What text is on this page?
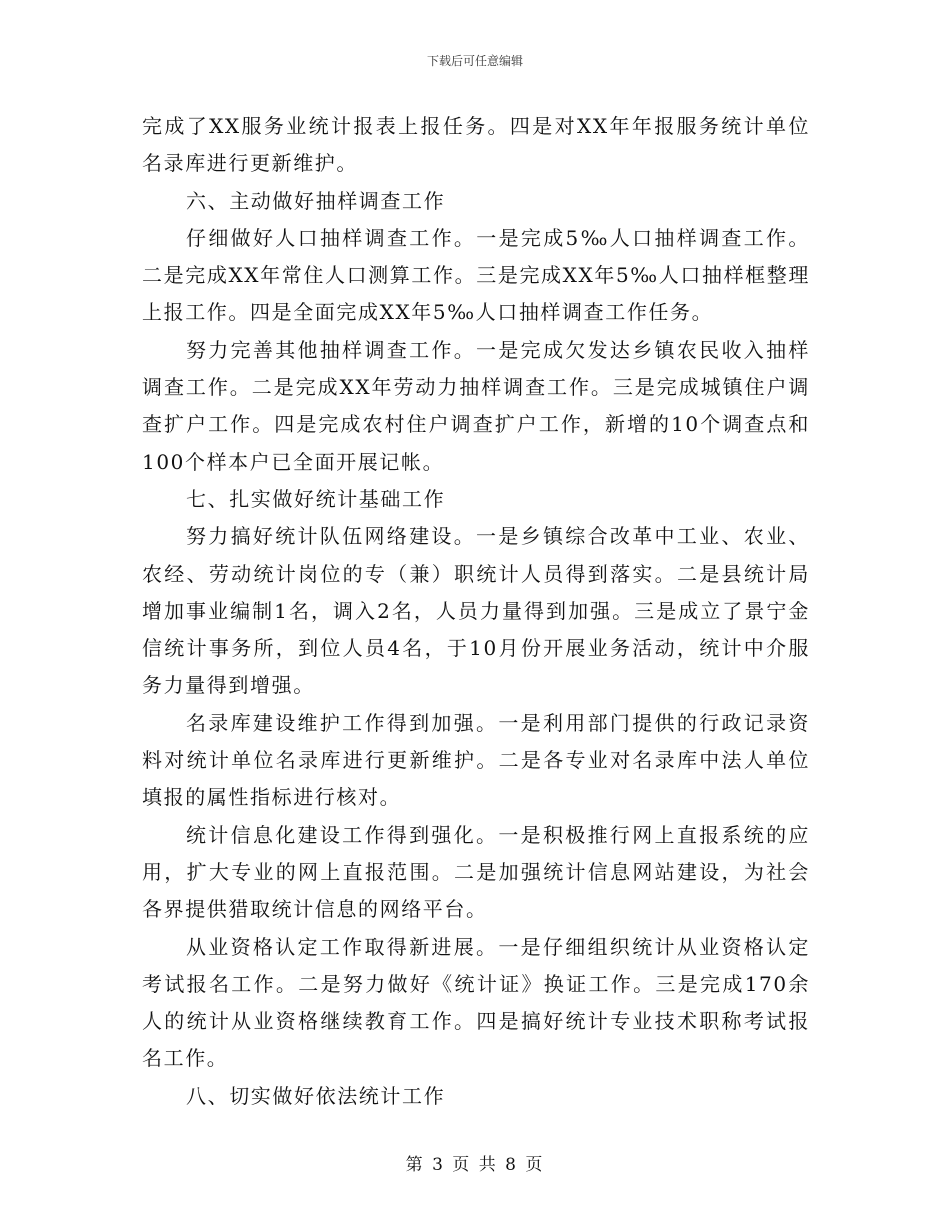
下载后可任意编辑

完成了XX服务业统计报表上报任务。四是对XX年年报服务统计单位名录库进行更新维护。

六、主动做好抽样调查工作

仔细做好人口抽样调查工作。一是完成5‰人口抽样调查工作。二是完成XX年常住人口测算工作。三是完成XX年5‰人口抽样框整理上报工作。四是全面完成XX年5‰人口抽样调查工作任务。

努力完善其他抽样调查工作。一是完成欠发达乡镇农民收入抽样调查工作。二是完成XX年劳动力抽样调查工作。三是完成城镇住户调查扩户工作。四是完成农村住户调查扩户工作，新增的10个调查点和100个样本户已全面开展记帐。

七、扎实做好统计基础工作

努力搞好统计队伍网络建设。一是乡镇综合改革中工业、农业、农经、劳动统计岗位的专（兼）职统计人员得到落实。二是县统计局增加事业编制1名，调入2名，人员力量得到加强。三是成立了景宁金信统计事务所，到位人员4名，于10月份开展业务活动，统计中介服务力量得到增强。

名录库建设维护工作得到加强。一是利用部门提供的行政记录资料对统计单位名录库进行更新维护。二是各专业对名录库中法人单位填报的属性指标进行核对。

统计信息化建设工作得到强化。一是积极推行网上直报系统的应用，扩大专业的网上直报范围。二是加强统计信息网站建设，为社会各界提供猎取统计信息的网络平台。

从业资格认定工作取得新进展。一是仔细组织统计从业资格认定考试报名工作。二是努力做好《统计证》换证工作。三是完成170余人的统计从业资格继续教育工作。四是搞好统计专业技术职称考试报名工作。

八、切实做好依法统计工作

第 3 页 共 8 页
